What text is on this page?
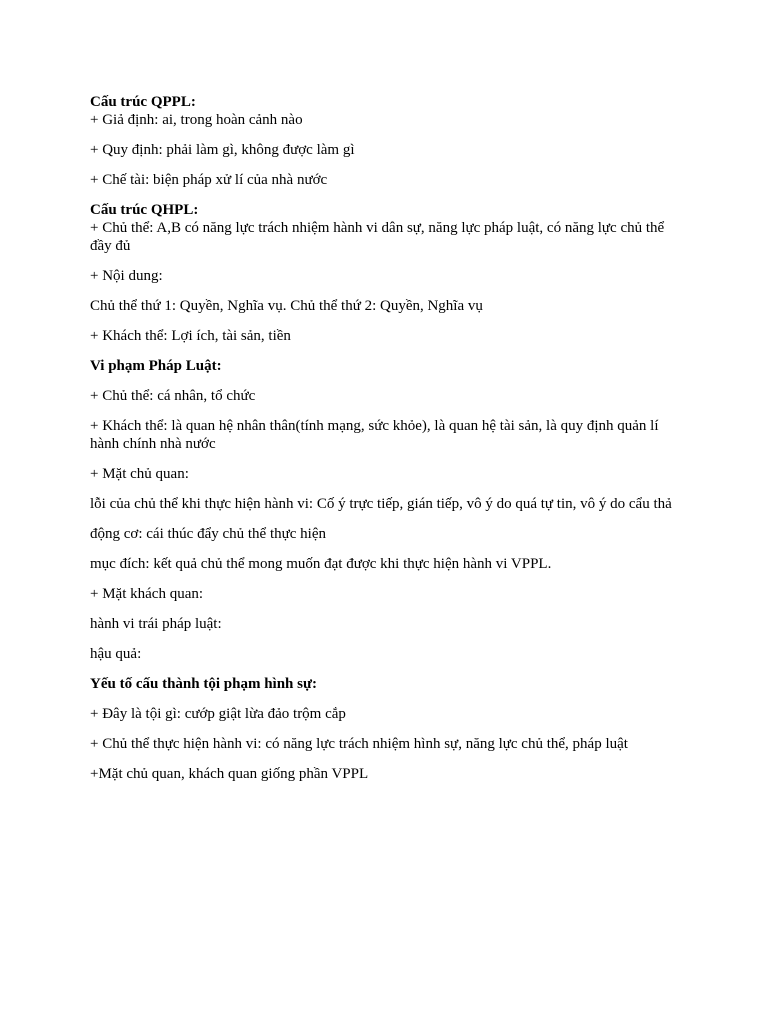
Cấu trúc QPPL:

+ Giả định: ai, trong hoàn cảnh nào

+ Quy định: phải làm gì, không được làm gì

+ Chế tài: biện pháp xử lí của nhà nước

Cấu trúc QHPL:

+ Chủ thể: A,B có năng lực trách nhiệm hành vi dân sự, năng lực pháp luật, có năng lực chủ thể đầy đủ

+ Nội dung:

Chủ thể thứ 1: Quyền, Nghĩa vụ. Chủ thể thứ 2: Quyền, Nghĩa vụ

+ Khách thể: Lợi ích, tài sản, tiền

Vi phạm Pháp Luật:

+ Chủ thể: cá nhân, tổ chức

+ Khách thể: là quan hệ nhân thân(tính mạng, sức khỏe), là quan hệ tài sản, là quy định quản lí hành chính nhà nước

+ Mặt chủ quan:

lỗi của chủ thể khi thực hiện hành vi: Cố ý trực tiếp, gián tiếp, vô ý do quá tự tin, vô ý do cẩu thả

động cơ: cái thúc đẩy chủ thể thực hiện

mục đích: kết quả chủ thể mong muốn đạt được khi thực hiện hành vi VPPL.

+ Mặt khách quan:

hành vi trái pháp luật:

hậu quả:

Yếu tố cấu thành tội phạm hình sự:

+ Đây là tội gì: cướp giật lừa đảo trộm cắp

+ Chủ thể thực hiện hành vi: có năng lực trách nhiệm hình sự, năng lực chủ thể, pháp luật

+Mặt chủ quan, khách quan giống phần VPPL
